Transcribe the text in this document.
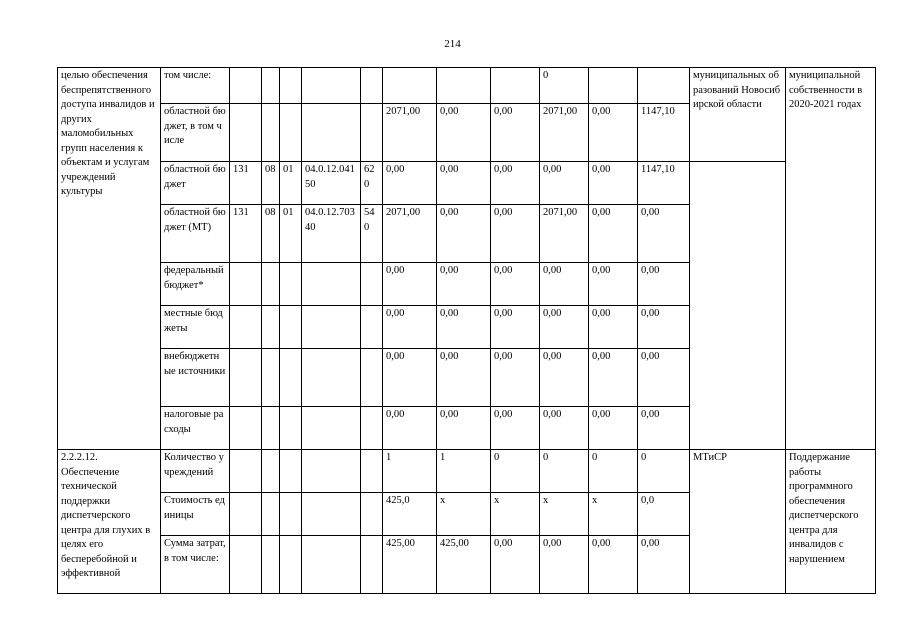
214
целью обеспечения беспрепятственного доступа инвалидов и других маломобильных групп населения к объектам и услугам учреждений культуры	том числе:									0			муниципальных образований Новосибирской области	муниципальной собственности в 2020-2021 годах
	областной бюджет, в том числе						2071,00	0,00	0,00	2071,00	0,00	1147,10		
	областной бюджет	131	08	01	04.0.12.04150	620	0,00	0,00	0,00	0,00	0,00	1147,10		
	областной бюджет (МТ)	131	08	01	04.0.12.70340	540	2071,00	0,00	0,00	2071,00	0,00	0,00		
	федеральный бюджет*						0,00	0,00	0,00	0,00	0,00	0,00		
	местные бюджеты						0,00	0,00	0,00	0,00	0,00	0,00		
	внебюджетные источники						0,00	0,00	0,00	0,00	0,00	0,00		
	налоговые расходы						0,00	0,00	0,00	0,00	0,00	0,00		
2.2.2.12. Обеспечение технической поддержки диспетчерского центра для глухих в целях его бесперебойной и эффективной	Количество учреждений						1	1	0	0	0	0	МТиСР	Поддержание работы программного обеспечения диспетчерского центра для инвалидов с нарушением
	Стоимость единицы						425,0	х	х	х	х	0,0		
	Сумма затрат, в том числе:						425,00	425,00	0,00	0,00	0,00	0,00		
